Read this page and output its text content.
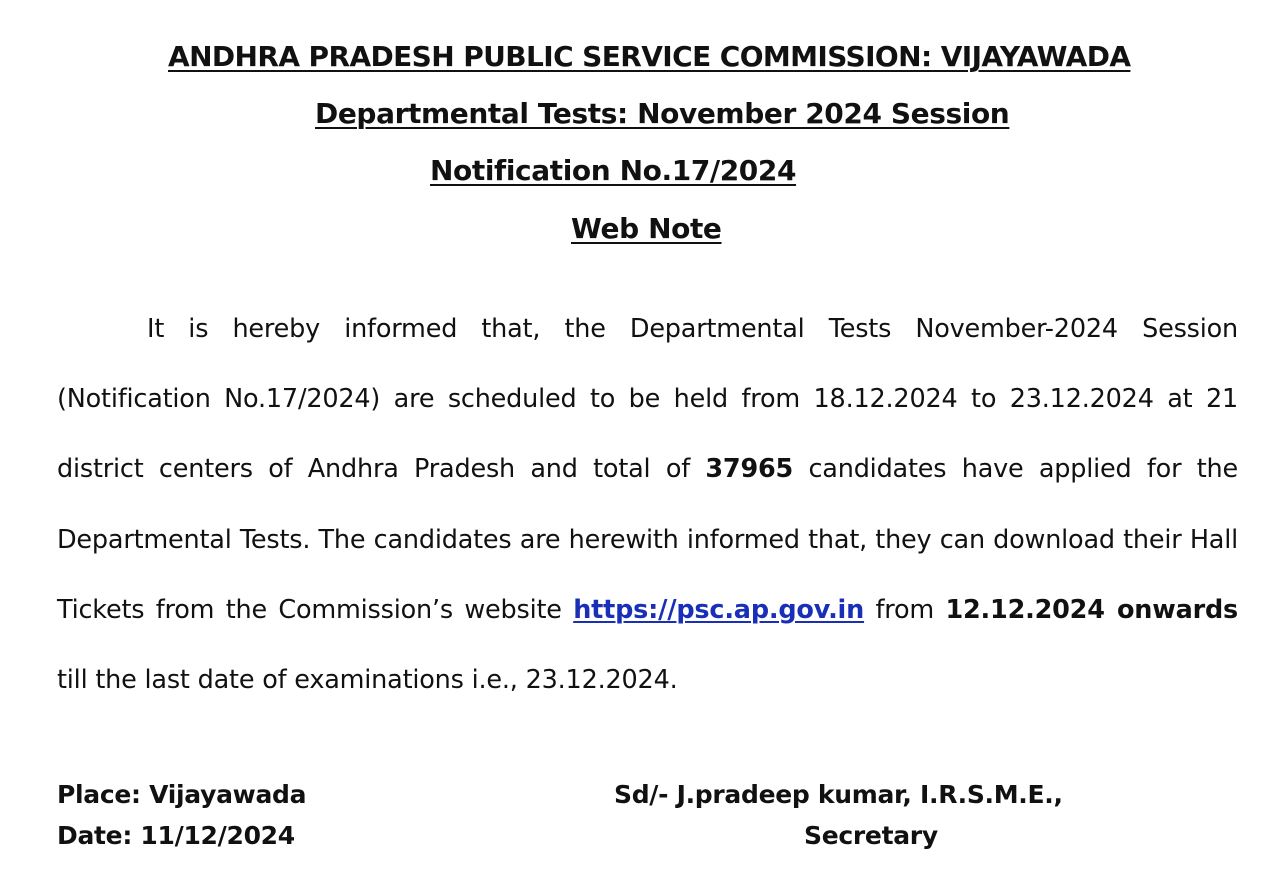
ANDHRA PRADESH PUBLIC SERVICE COMMISSION: VIJAYAWADA
Departmental Tests: November 2024 Session
Notification No.17/2024
Web Note
It is hereby informed that, the Departmental Tests November-2024 Session (Notification No.17/2024) are scheduled to be held from 18.12.2024 to 23.12.2024 at 21 district centers of Andhra Pradesh and total of 37965 candidates have applied for the Departmental Tests. The candidates are herewith informed that, they can download their Hall Tickets from the Commission’s website https://psc.ap.gov.in from 12.12.2024 onwards till the last date of examinations i.e., 23.12.2024.
Place: Vijayawada
Date: 11/12/2024
Sd/- J.pradeep kumar, I.R.S.M.E.,
Secretary
